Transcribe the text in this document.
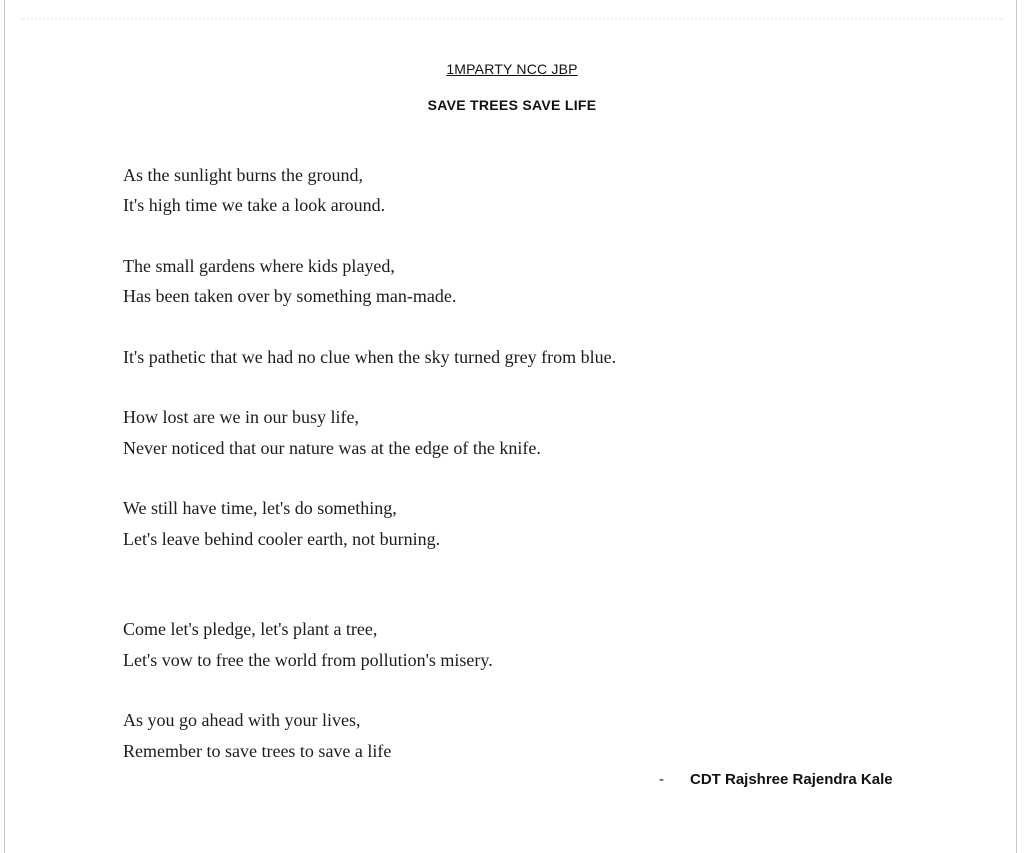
1MPARTY NCC JBP
SAVE TREES SAVE LIFE
As the sunlight burns the ground,
It's high time we take a look around.
The small gardens where kids played,
Has been taken over by something man-made.
It's pathetic that we had no clue when the sky turned grey from blue.
How lost are we in our busy life,
Never noticed that our nature was at the edge of the knife.
We still have time, let's do something,
Let's leave behind cooler earth, not burning.
Come let's pledge, let's plant a tree,
Let's vow to free the world from pollution's misery.
As you go ahead with your lives,
Remember to save trees to save a life
- CDT Rajshree Rajendra Kale
